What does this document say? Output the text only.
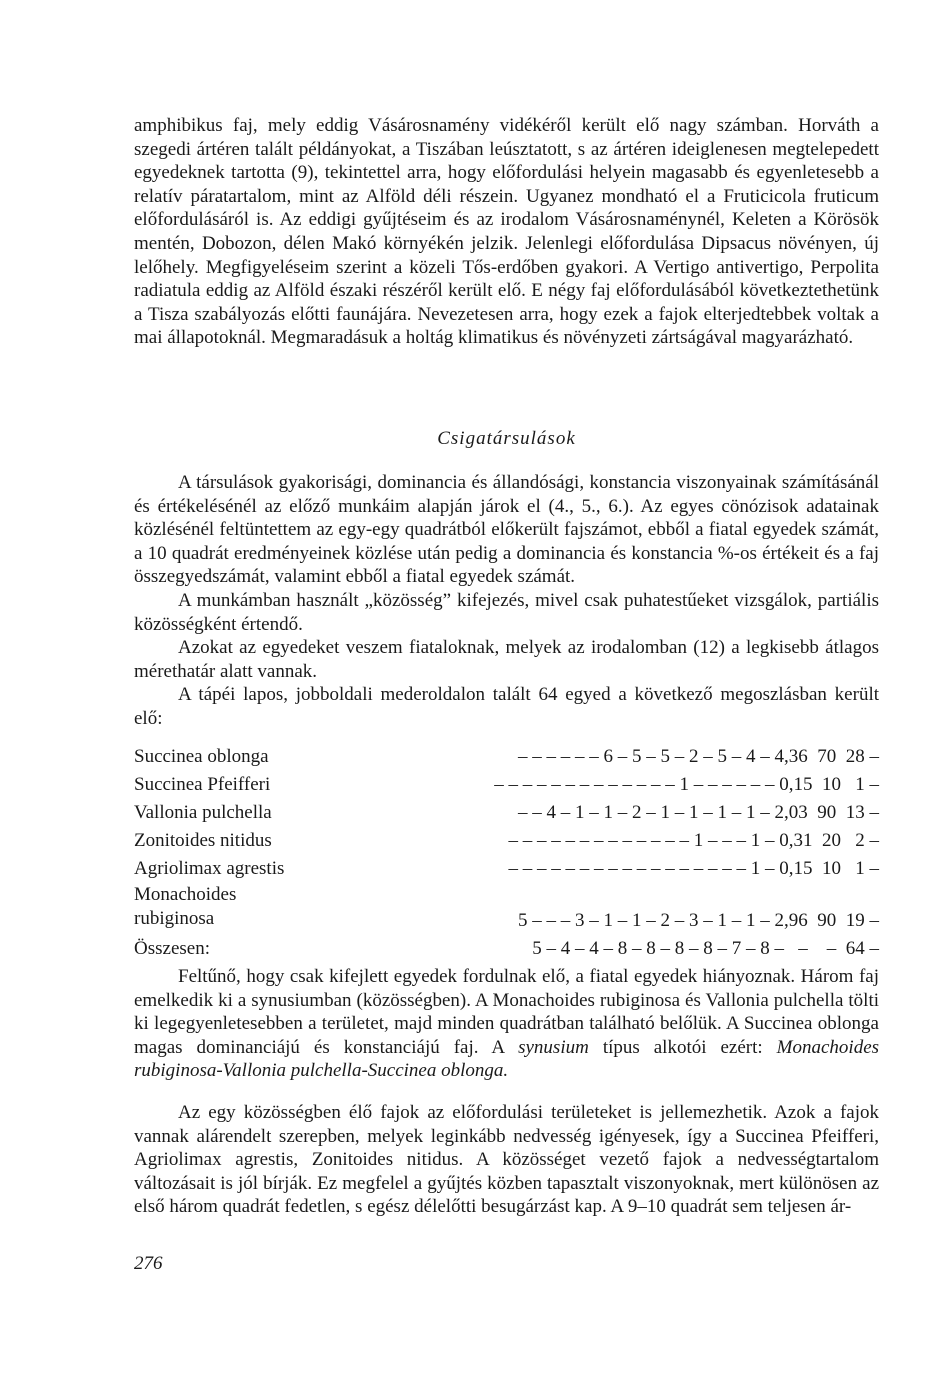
amphibikus faj, mely eddig Vásárosnamény vidékéről került elő nagy számban. Horváth a szegedi ártéren talált példányokat, a Tiszában leúsztatott, s az ártéren ideiglenesen megtelepedett egyedeknek tartotta (9), tekintettel arra, hogy előfordulási helyein magasabb és egyenletesebb a relatív páratartalom, mint az Alföld déli részein. Ugyanez mondható el a Fruticicola fruticum előfordulásáról is. Az eddigi gyűjtéseim és az irodalom Vásárosnaménynél, Keleten a Körösök mentén, Dobozon, délen Makó környékén jelzik. Jelenlegi előfordulása Dipsacus növényen, új lelőhely. Megfigyeléseim szerint a közeli Tős-erdőben gyakori. A Vertigo antivertigo, Perpolita radiatula eddig az Alföld északi részéről került elő. E négy faj előfordulásából következtethetünk a Tisza szabályozás előtti faunájára. Nevezetesen arra, hogy ezek a fajok elterjedtebbek voltak a mai állapotoknál. Megmaradásuk a holtág klimatikus és növényzeti zártságával magyarázható.

Csigatársulások

A társulások gyakorisági, dominancia és állandósági, konstancia viszonyainak számításánál és értékelésénél az előző munkáim alapján járok el (4., 5., 6.). Az egyes cönózisok adatainak közlésénél feltüntettem az egy-egy quadrátból előkerült fajszámot, ebből a fiatal egyedek számát, a 10 quadrát eredményeinek közlése után pedig a dominancia és konstancia %-os értékeit és a faj összegyedszámát, valamint ebből a fiatal egyedek számát.

A munkámban használt „közösség” kifejezés, mivel csak puhatestűeket vizsgálok, partiális közösségként értendő.

Azokat az egyedeket veszem fiataloknak, melyek az irodalomban (12) a legkisebb átlagos mérethatár alatt vannak.

A tápéi lapos, jobboldali mederoldalon talált 64 egyed a következő megoszlásban került elő:

Succinea oblonga	– – – – – – 6 – 5 – 5 – 2 – 5 – 4 – 4,36  70  28 –
Succinea Pfeifferi	– – – – – – – – – – – – – 1 – – – – – – 0,15  10   1 –
Vallonia pulchella	– – 4 – 1 – 1 – 2 – 1 – 1 – 1 – 1 – 2,03  90  13 –
Zonitoides nitidus	– – – – – – – – – – – – – 1 – – – 1 – 0,31  20   2 –
Agriolimax agrestis	– – – – – – – – – – – – – – – – – 1 – 0,15  10   1 –
Monachoides
rubiginosa	5 – – – 3 – 1 – 1 – 2 – 3 – 1 – 1 – 2,96  90  19 –
Összesen:	5 – 4 – 4 – 8 – 8 – 8 – 8 – 7 – 8 –   –    –  64 –

Feltűnő, hogy csak kifejlett egyedek fordulnak elő, a fiatal egyedek hiányoznak. Három faj emelkedik ki a synusiumban (közösségben). A Monachoides rubiginosa és Vallonia pulchella tölti ki legegyenletesebben a területet, majd minden quadrátban található belőlük. A Succinea oblonga magas dominanciájú és konstanciájú faj. A synusium típus alkotói ezért: Monachoides rubiginosa-Vallonia pulchella-Succinea oblonga.

Az egy közösségben élő fajok az előfordulási területeket is jellemezhetik. Azok a fajok vannak alárendelt szerepben, melyek leginkább nedvesség igényesek, így a Succinea Pfeifferi, Agriolimax agrestis, Zonitoides nitidus. A közösséget vezető fajok a nedvességtartalom változásait is jól bírják. Ez megfelel a gyűjtés közben tapasztalt viszonyoknak, mert különösen az első három quadrát fedetlen, s egész délelőtti besugárzást kap. A 9–10 quadrát sem teljesen ár-

276
